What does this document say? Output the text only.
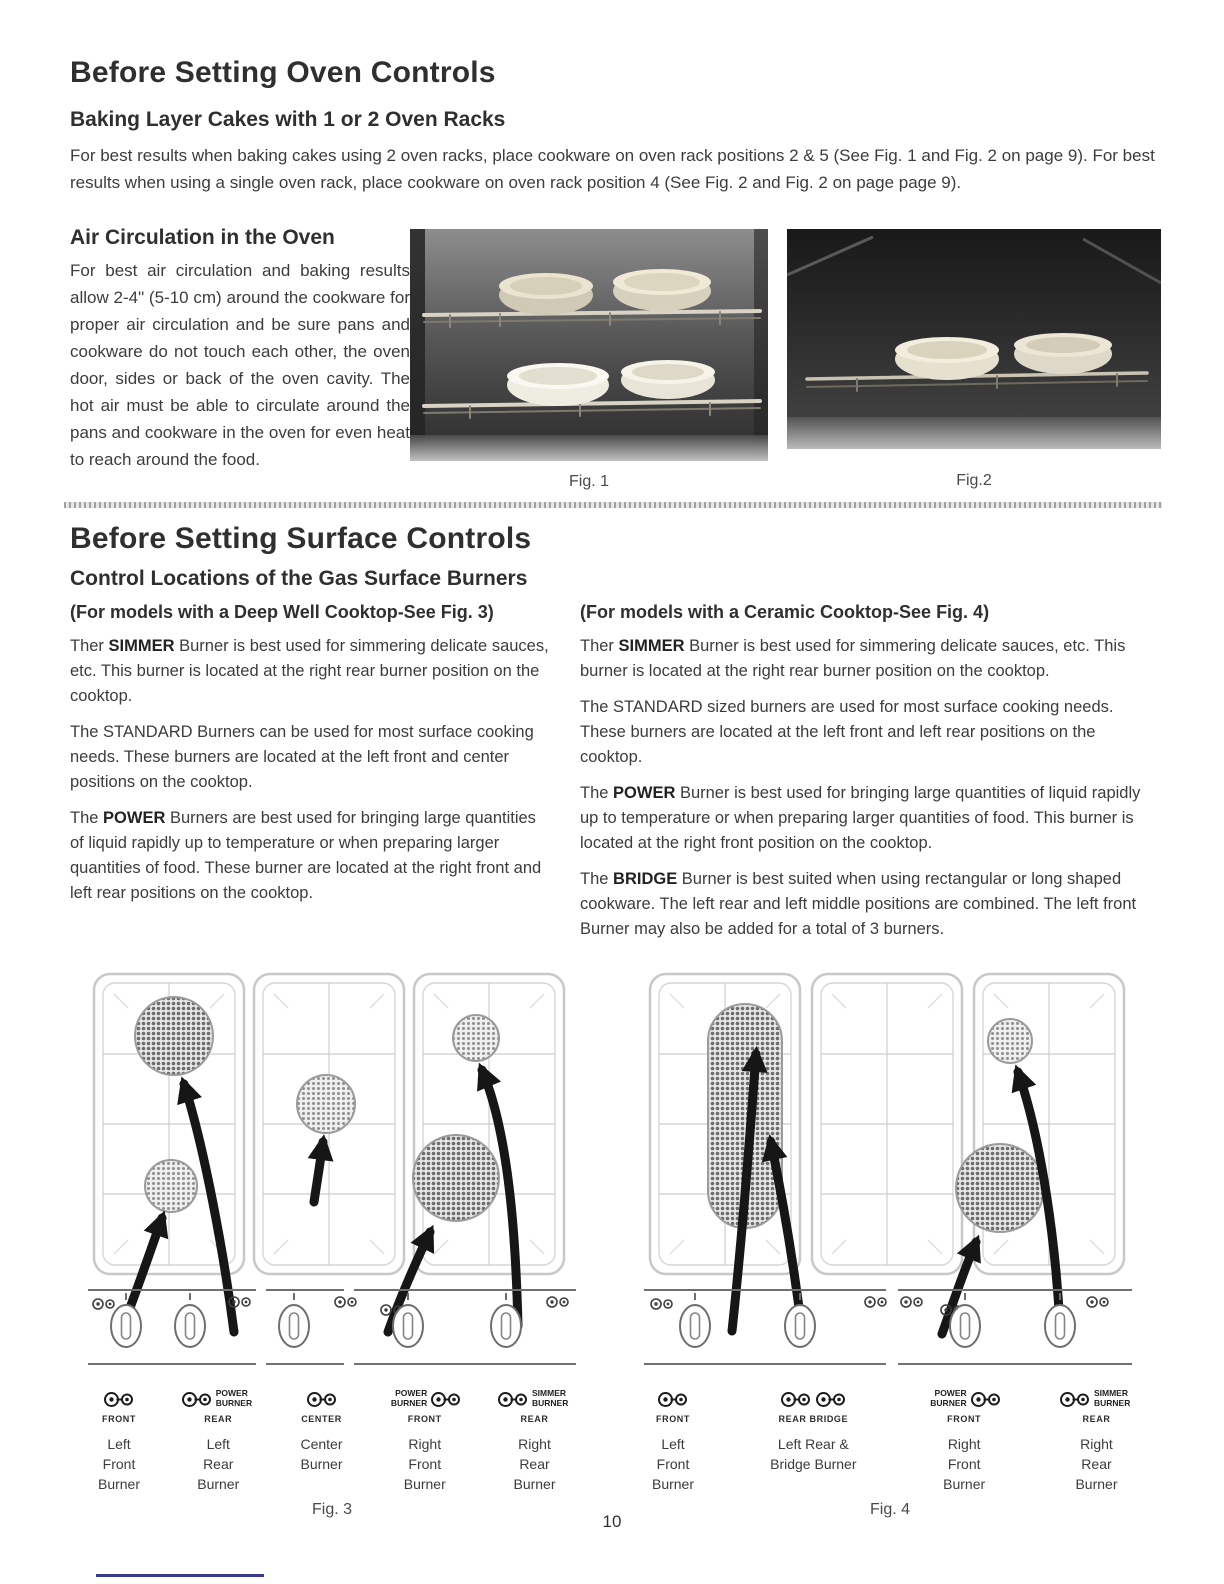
Before Setting Oven Controls
Baking Layer Cakes with 1 or 2 Oven Racks

For best results when baking cakes using 2 oven racks, place cookware on oven rack positions 2 & 5 (See Fig. 1 and Fig. 2 on page 9). For best results when using a single oven rack, place cookware on oven rack position 4 (See Fig. 2 and Fig. 2 on page page 9).

Air Circulation in the Oven

For best air circulation and baking results allow 2-4" (5-10 cm) around the cookware for proper air circulation and be sure pans and cookware do not touch each other, the oven door, sides or back of the oven cavity. The hot air must be able to circulate around the pans and cookware in the oven for even heat to reach around the food.

Fig. 1	Fig.2
Before Setting Surface Controls
Control Locations of the Gas Surface Burners
(For models with a Deep Well Cooktop-See Fig. 3)

Ther SIMMER Burner is best used for simmering delicate sauces, etc. This burner is located at the right rear burner position on the cooktop.

The STANDARD Burners can be used for most surface cooking needs. These burners are located at the left front and center positions on the cooktop.

The POWER Burners are best used for bringing large quantities of liquid rapidly up to temperature or when preparing larger quantities of food. These burner are located at the right front and left rear positions on the cooktop.

(For models with a Ceramic Cooktop-See Fig. 4)

Ther SIMMER Burner is best used for simmering delicate sauces, etc. This burner is located at the right rear burner position on the cooktop.

The STANDARD sized burners are used for most surface cooking needs. These burners are located at the left front and left rear positions on the cooktop.

The POWER Burner is best used for bringing large quantities of liquid rapidly up to temperature or when preparing larger quantities of food. This burner is located at the right front position on the cooktop.

The BRIDGE Burner is best suited when using rectangular or long shaped cookware. The left rear and left middle positions are combined. The left front Burner may also be added for a total of 3 burners.

FRONT
Left Front Burner
POWER BURNER
REAR
Left Rear Burner
CENTER
Center Burner
POWER BURNER
FRONT
Right Front Burner
SIMMER BURNER
REAR
Right Rear Burner
Fig. 3
FRONT
Left Front Burner
REAR BRIDGE
Left Rear & Bridge Burner
POWER BURNER
FRONT
Right Front Burner
SIMMER BURNER
REAR
Right Rear Burner
Fig. 4
10
